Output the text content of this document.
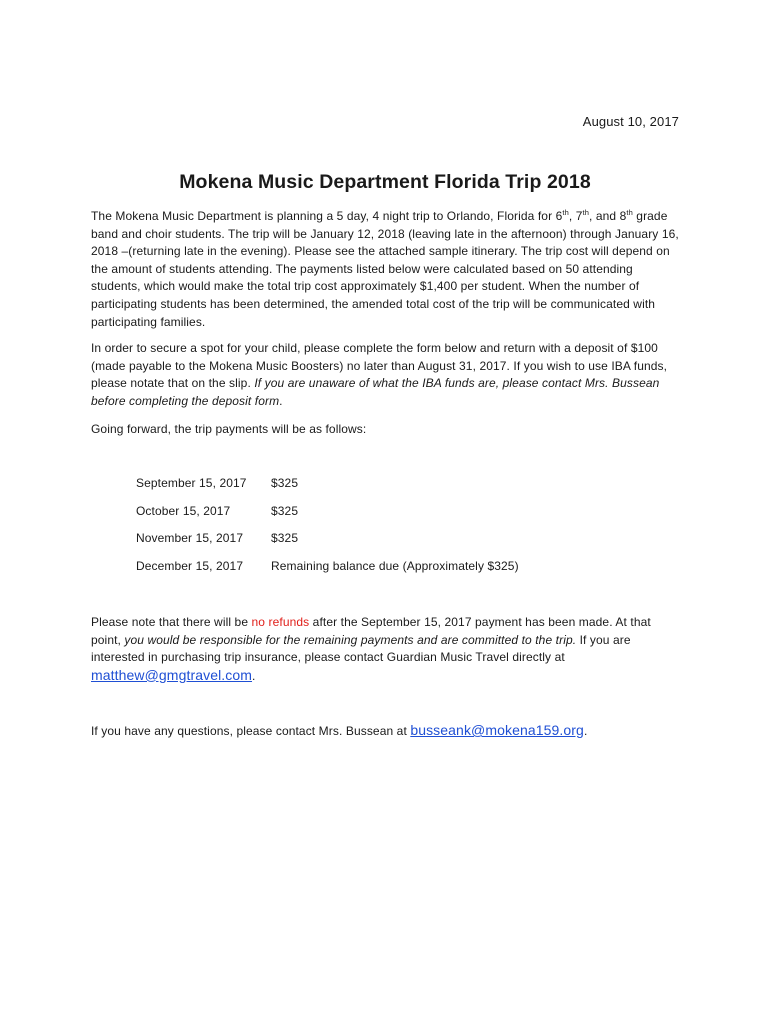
August 10, 2017
Mokena Music Department Florida Trip 2018
The Mokena Music Department is planning a 5 day, 4 night trip to Orlando, Florida for 6th, 7th, and 8th grade band and choir students. The trip will be January 12, 2018 (leaving late in the afternoon) through January 16, 2018 –(returning late in the evening). Please see the attached sample itinerary. The trip cost will depend on the amount of students attending. The payments listed below were calculated based on 50 attending students, which would make the total trip cost approximately $1,400 per student. When the number of participating students has been determined, the amended total cost of the trip will be communicated with participating families.
In order to secure a spot for your child, please complete the form below and return with a deposit of $100 (made payable to the Mokena Music Boosters) no later than August 31, 2017. If you wish to use IBA funds, please notate that on the slip. If you are unaware of what the IBA funds are, please contact Mrs. Bussean before completing the deposit form.
Going forward, the trip payments will be as follows:
September 15, 2017	$325
October 15, 2017	$325
November 15, 2017	$325
December 15, 2017	Remaining balance due (Approximately $325)
Please note that there will be no refunds after the September 15, 2017 payment has been made. At that point, you would be responsible for the remaining payments and are committed to the trip. If you are interested in purchasing trip insurance, please contact Guardian Music Travel directly at matthew@gmgtravel.com.
If you have any questions, please contact Mrs. Bussean at busseank@mokena159.org.
